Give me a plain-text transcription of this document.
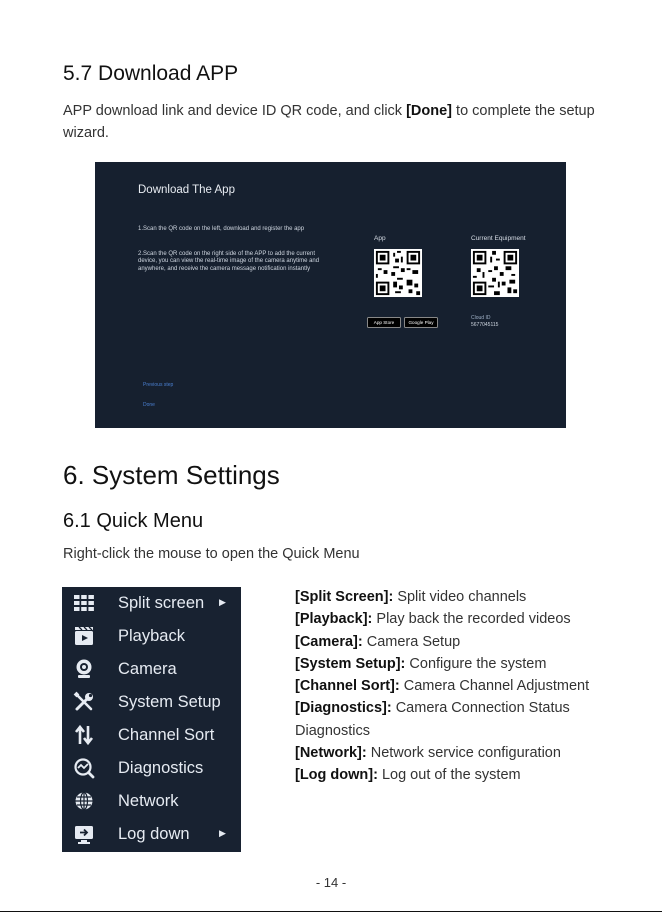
5.7 Download APP

APP download link and device ID QR code, and click [Done] to complete the setup wizard.

Download The App
1.Scan the QR code on the left, download and register the app
2.Scan the QR code on the right side of the APP to add the current device, you can view the real-time image of the camera anytime and anywhere, and receive the camera message notification instantly
App	Current Equipment
App Store	Google Play
Cloud ID
5677045115
Previous step
Done
6. System Settings
6.1 Quick Menu

Right-click the mouse to open the Quick Menu

Split screen ▶
Playback
Camera
System Setup
Channel Sort
Diagnostics
Network
Log down	▶
[Split Screen]: Split video channels
[Playback]: Play back the recorded videos
[Camera]: Camera Setup
[System Setup]: Configure the system
[Channel Sort]: Camera Channel Adjustment
[Diagnostics]: Camera Connection Status Diagnostics
[Network]: Network service configuration
[Log down]: Log out of the system
- 14 -
